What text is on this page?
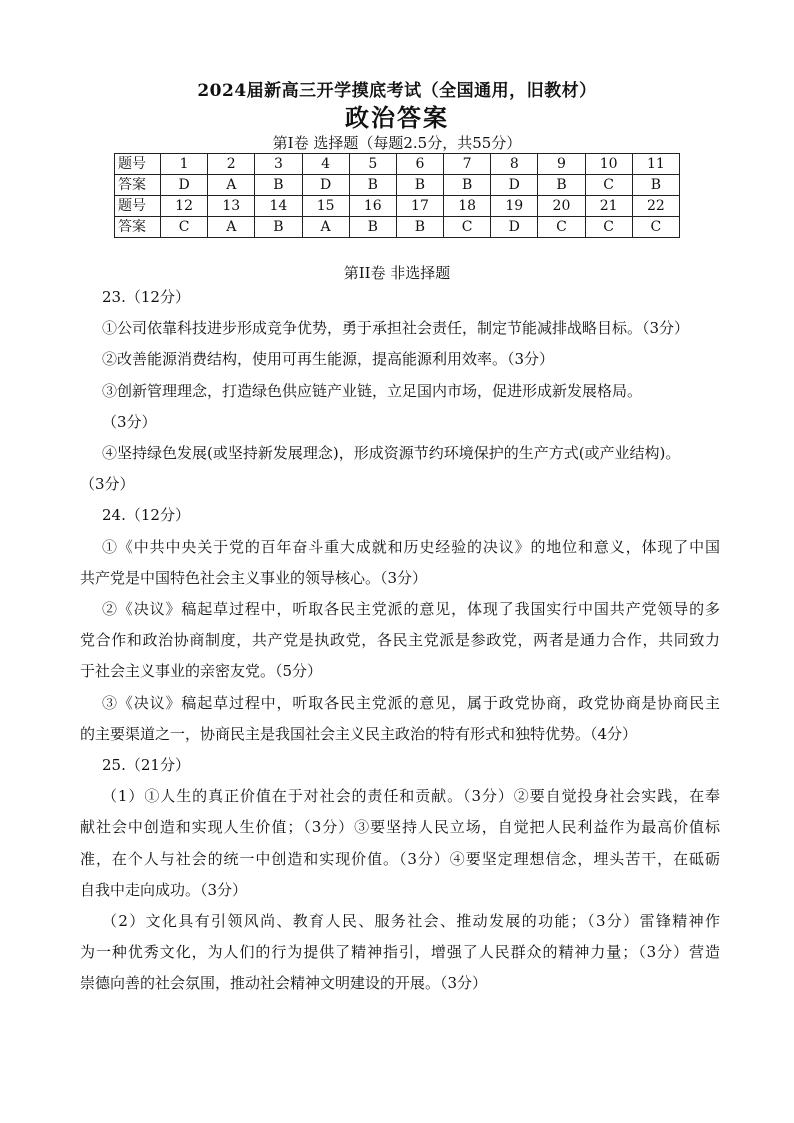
2024届新高三开学摸底考试（全国通用，旧教材）
政治答案
第Ⅰ卷 选择题（每题2.5分，共55分）
题号	1	2	3	4	5	6	7	8	9	10	11
答案	D	A	B	D	B	B	B	D	B	C	B
题号	12	13	14	15	16	17	18	19	20	21	22
答案	C	A	B	A	B	B	C	D	C	C	C
第II卷 非选择题

23.（12分）

①公司依靠科技进步形成竞争优势，勇于承担社会责任，制定节能减排战略目标。（3分）

②改善能源消费结构，使用可再生能源，提高能源利用效率。（3分）

③创新管理理念，打造绿色供应链产业链，立足国内市场，促进形成新发展格局。

（3分）

④坚持绿色发展(或坚持新发展理念)，形成资源节约环境保护的生产方式(或产业结构)。

（3分）

24.（12分）

①《中共中央关于党的百年奋斗重大成就和历史经验的决议》的地位和意义，体现了中国

共产党是中国特色社会主义事业的领导核心。（3分）

②《决议》稿起草过程中，听取各民主党派的意见，体现了我国实行中国共产党领导的多

党合作和政治协商制度，共产党是执政党，各民主党派是参政党，两者是通力合作，共同致力

于社会主义事业的亲密友党。（5分）

③《决议》稿起草过程中，听取各民主党派的意见，属于政党协商，政党协商是协商民主

的主要渠道之一，协商民主是我国社会主义民主政治的特有形式和独特优势。（4分）

25.（21分）

（1）①人生的真正价值在于对社会的责任和贡献。（3分）②要自觉投身社会实践，在奉

献社会中创造和实现人生价值；（3分）③要坚持人民立场，自觉把人民利益作为最高价值标

准，在个人与社会的统一中创造和实现价值。（3分）④要坚定理想信念，埋头苦干，在砥砺

自我中走向成功。（3分）

（2）文化具有引领风尚、教育人民、服务社会、推动发展的功能；（3分）雷锋精神作

为一种优秀文化，为人们的行为提供了精神指引，增强了人民群众的精神力量；（3分）营造

崇德向善的社会氛围，推动社会精神文明建设的开展。（3分）
